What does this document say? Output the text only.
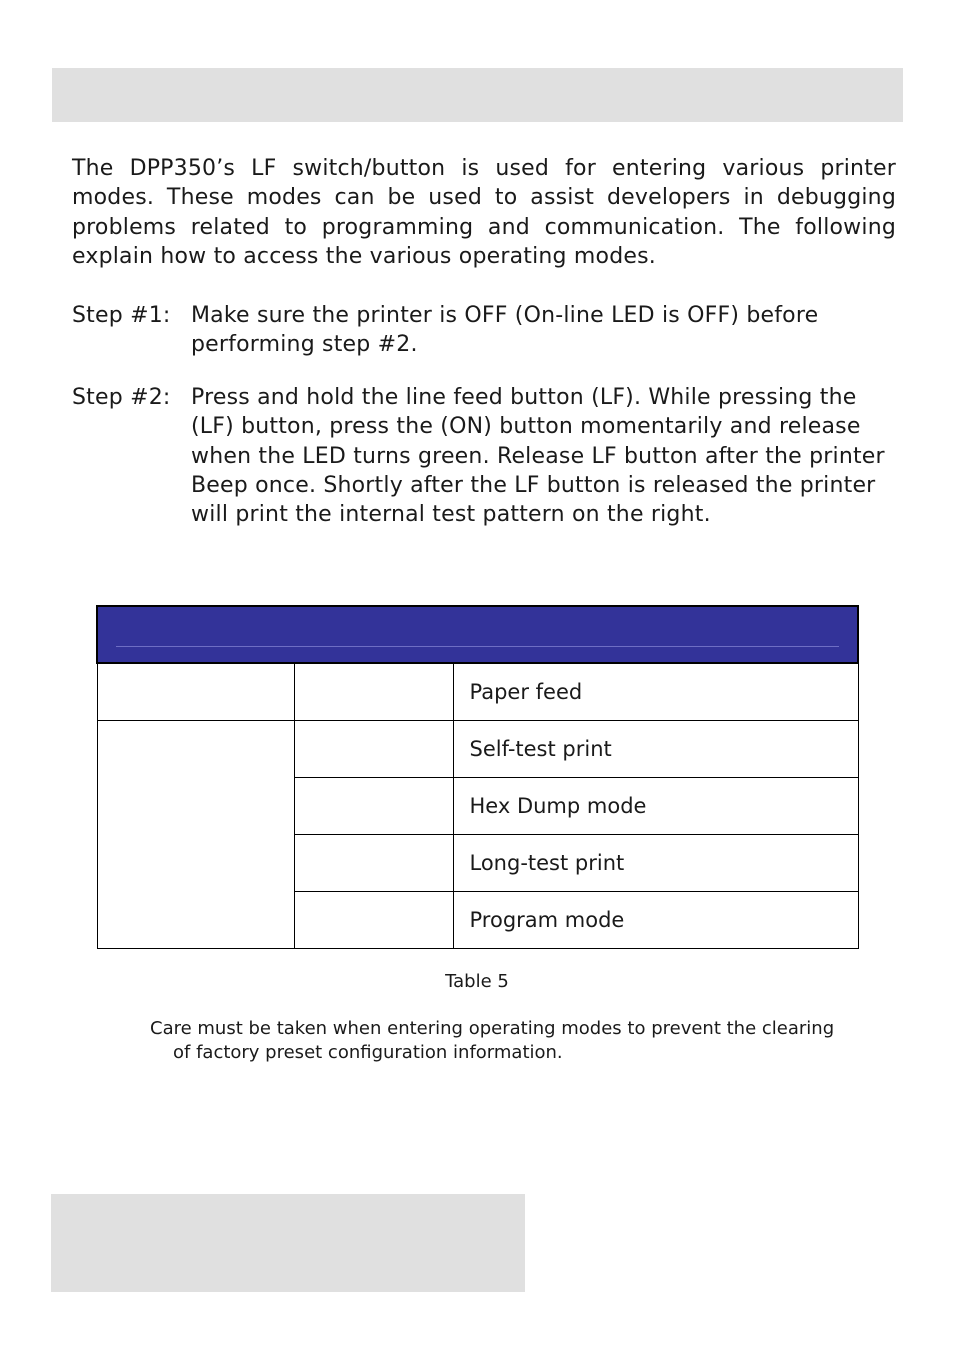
The DPP350’s LF switch/button is used for entering various printer modes. These modes can be used to assist developers in debugging problems related to programming and communication. The following explain how to access the various operating modes.

Step #1: Make sure the printer is OFF (On-line LED is OFF) before performing step #2.
Step #2: Press and hold the line feed button (LF). While pressing the (LF) button, press the (ON) button momentarily and release when the LED turns green. Release LF button after the printer Beep once. Shortly after the LF button is released the printer will print the internal test pattern on the right.

		Paper feed
		Self-test print
		Hex Dump mode
		Long-test print
		Program mode

Table 5

Care must be taken when entering operating modes to prevent the clearing of factory preset configuration information.
